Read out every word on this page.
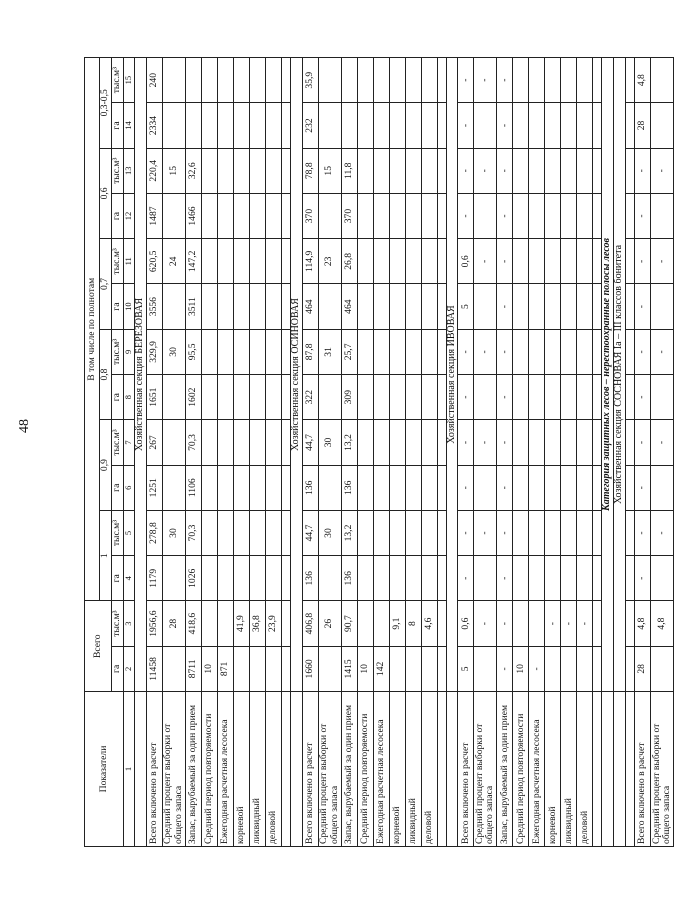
48
Показатели	Всего		В том числе по полнотам											
			1		0,9		0,8		0,7		0,6		0,3-0,5	
	га	тыс.м³	га	тыс.м³	га	тыс.м³	га	тыс.м³	га	тыс.м³	га	тыс.м³	га	тыс.м³
1	2	3	4	5	6	7	8	9	10	11	12	13	14	15
	Хозяйственная секция БЕРЕЗОВАЯ													
Всего включено в расчет	11458	1956,6	1179	278,8	1251	267	1651	329,9	3556	620,5	1487	220,4	2334	240
Средний процент выборки от общего запаса		28		30				30		24		15		
Запас, вырубаемый за один прием	8711	418,6	1026	70,3	1106	70,3	1602	95,5	3511	147,2	1466	32,6		
Средний период повторяемости	10													
Ежегодная расчетная лесосека	871													
корневой		41,9												
ликвидный		36,8												
деловой		23,9												

	Хозяйственная секция ОСИНОВАЯ													
Всего включено в расчет	1660	406,8	136	44,7	136	44,7	322	87,8	464	114,9	370	78,8	232	35,9
Средний процент выборки от общего запаса		26		30		30		31		23		15		
Запас, вырубаемый за один прием	1415	90,7	136	13,2	136	13,2	309	25,7	464	26,8	370	11,8		
Средний период повторяемости	10													
Ежегодная расчетная лесосека	142													
корневой		9,1												
ликвидный		8												
деловой		4,6												

	Хозяйственная секция ИВОВАЯ													
Всего включено в расчет	5	0,6	-	-	-	-	-	-	5	0,6	-	-	-	-
Средний процент выборки от общего запаса		-		-		-		-		-		-		-
Запас, вырубаемый за один прием	-	-	-	-	-	-	-	-	-	-	-	-	-	-
Средний период повторяемости	10													
Ежегодная расчетная лесосека	-													
корневой		-												
ликвидный		-												
деловой		-												

	Категория защитных лесов – нерестоохранные полосы лесов													
	Хозяйственная секция СОСНОВАЯ Ia – III классов бонитета													

Всего включено в расчет	28	4,8	-	-	-	-	-	-	-	-	-	-	28	4,8
Средний процент выборки от общего запаса		4,8		-		-		-		-		-		
